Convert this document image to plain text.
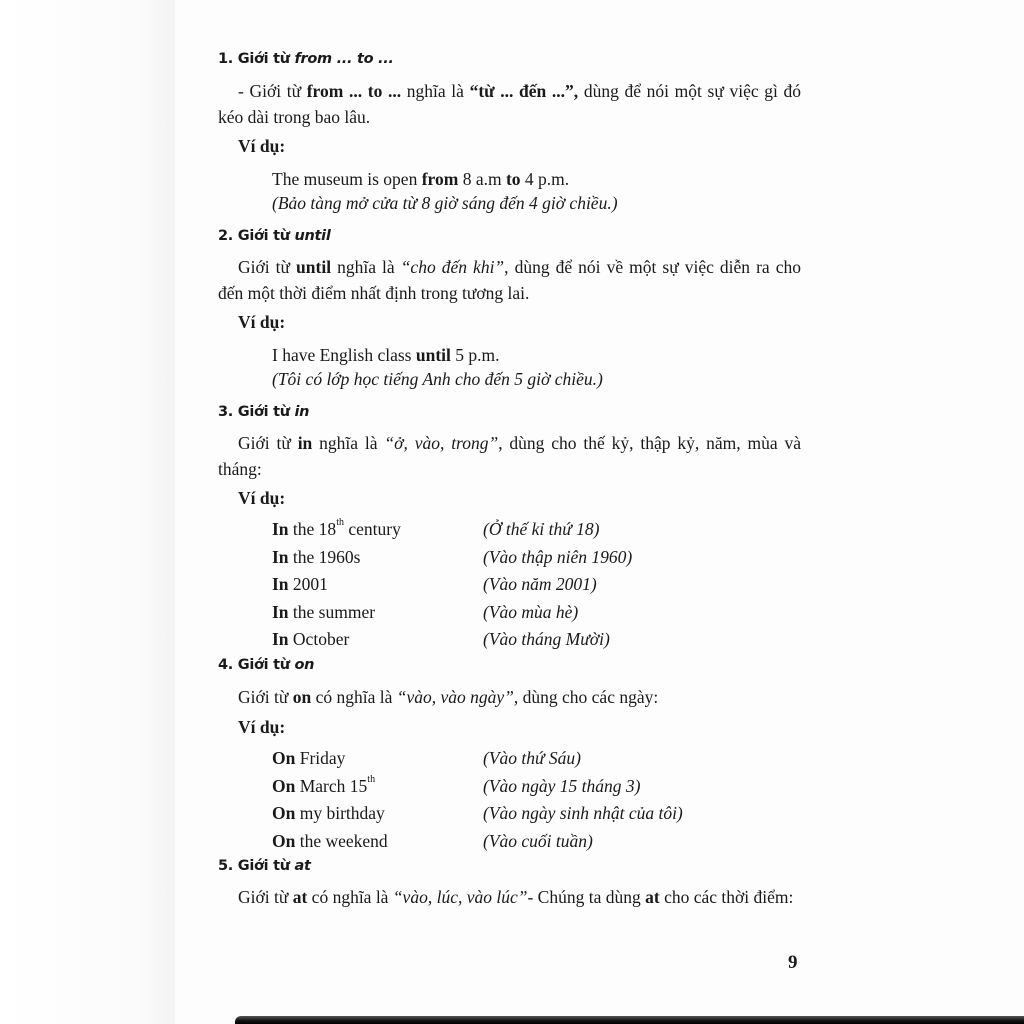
1. Giới từ from ... to ...
- Giới từ from ... to ... nghĩa là “từ ... đến ...”, dùng để nói một sự việc gì đó kéo dài trong bao lâu.
Ví dụ:
The museum is open from 8 a.m to 4 p.m.
(Bảo tàng mở cửa từ 8 giờ sáng đến 4 giờ chiều.)
2. Giới từ until
Giới từ until nghĩa là “cho đến khi”, dùng để nói về một sự việc diễn ra cho đến một thời điểm nhất định trong tương lai.
Ví dụ:
I have English class until 5 p.m.
(Tôi có lớp học tiếng Anh cho đến 5 giờ chiều.)
3. Giới từ in
Giới từ in nghĩa là “ở, vào, trong”, dùng cho thế kỷ, thập kỷ, năm, mùa và tháng:
Ví dụ:
In the 18th century	(Ở thế kỉ thứ 18)
In the 1960s	(Vào thập niên 1960)
In 2001	(Vào năm 2001)
In the summer	(Vào mùa hè)
In October	(Vào tháng Mười)
4. Giới từ on
Giới từ on có nghĩa là “vào, vào ngày”, dùng cho các ngày:
Ví dụ:
On Friday	(Vào thứ Sáu)
On March 15th	(Vào ngày 15 tháng 3)
On my birthday	(Vào ngày sinh nhật của tôi)
On the weekend	(Vào cuối tuần)
5. Giới từ at
Giới từ at có nghĩa là “vào, lúc, vào lúc”- Chúng ta dùng at cho các thời điểm:
9
